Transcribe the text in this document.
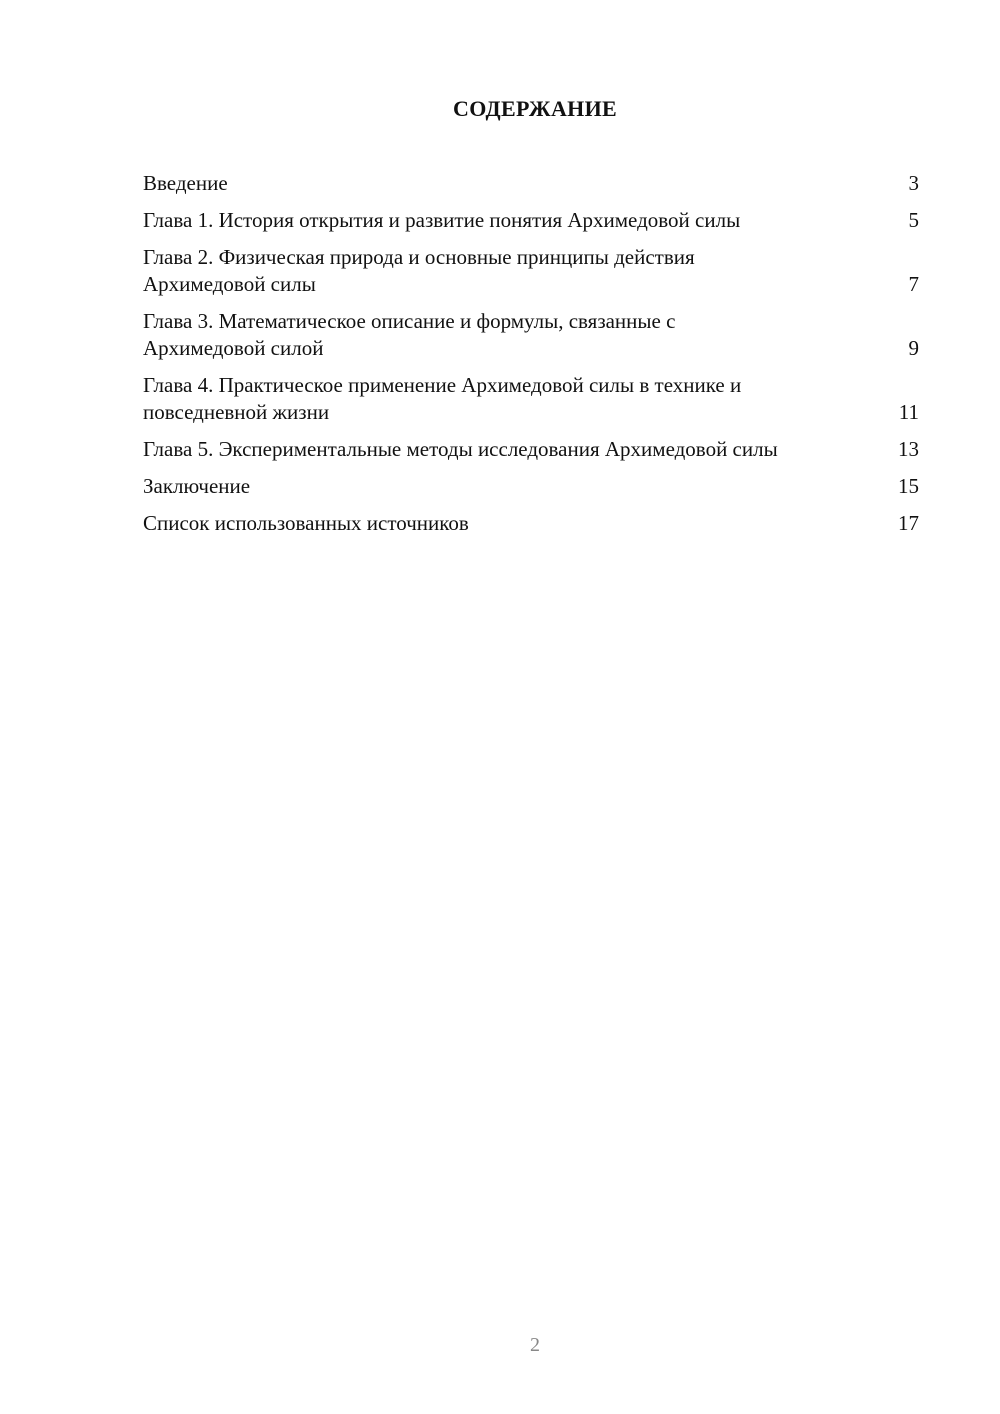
СОДЕРЖАНИЕ
Введение	3
Глава 1. История открытия и развитие понятия Архимедовой силы	5
Глава 2. Физическая природа и основные принципы действия Архимедовой силы	7
Глава 3. Математическое описание и формулы, связанные с Архимедовой силой	9
Глава 4. Практическое применение Архимедовой силы в технике и повседневной жизни	11
Глава 5. Экспериментальные методы исследования Архимедовой силы	13
Заключение	15
Список использованных источников	17
2
